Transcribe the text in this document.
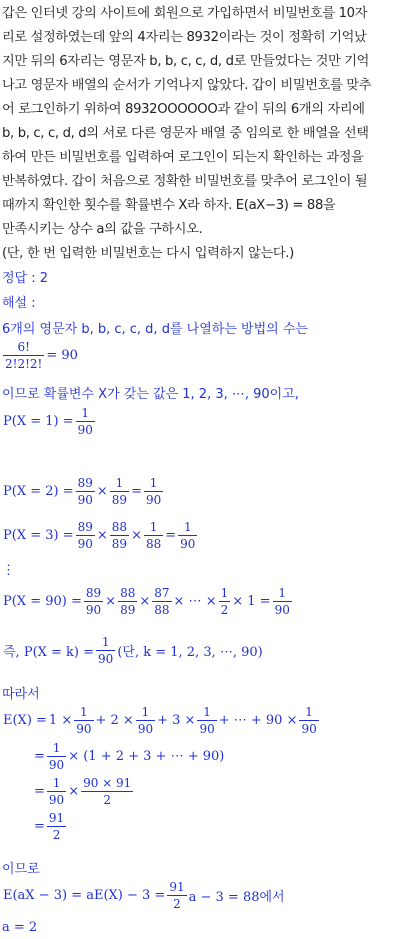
갑은 인터넷 강의 사이트에 회원으로 가입하면서 비밀번호를 10자
리로 설정하였는데 앞의 4자리는 8932이라는 것이 정확히 기억났
지만 뒤의 6자리는 영문자 b, b, c, c, d, d로 만들었다는 것만 기억
나고 영문자 배열의 순서가 기억나지 않았다. 갑이 비밀번호를 맞추
어 로그인하기 위하여 8932OOOOOO과 같이 뒤의 6개의 자리에
b, b, c, c, d, d의 서로 다른 영문자 배열 중 임의로 한 배열을 선택
하여 만든 비밀번호를 입력하여 로그인이 되는지 확인하는 과정을
반복하였다. 갑이 처음으로 정확한 비밀번호를 맞추어 로그인이 될
때까지 확인한 횟수를 확률변수 X라 하자. E(aX−3) = 88을
만족시키는 상수 a의 값을 구하시오.
(단, 한 번 입력한 비밀번호는 다시 입력하지 않는다.)
정답 : 2
해설 :
6개의 영문자 b, b, c, c, d, d를 나열하는 방법의 수는
$\frac{6!}{2!2!2!} = 90$
이므로 확률변수 X가 갖는 값은 1, 2, 3, ⋯, 90이고,
$P(X = 1) = \frac{1}{90}$
$P(X = 2) = \frac{89}{90} \times \frac{1}{89} = \frac{1}{90}$
$P(X = 3) = \frac{89}{90} \times \frac{88}{89} \times \frac{1}{88} = \frac{1}{90}$
⋮
$P(X = 90) = \frac{89}{90} \times \frac{88}{89} \times \frac{87}{88}$ × ⋯ × $\frac{1}{2} \times 1 = \frac{1}{90}$
즉, $P(X = k) = \frac{1}{90}$ (단, k = 1, 2, 3, ⋯, 90)
따라서
$E(X) = 1 \times \frac{1}{90} + 2 \times \frac{1}{90} + 3 \times \frac{1}{90}$ + ⋯ + $90 \times \frac{1}{90}$
= $\frac{1}{90} \times (1 + 2 + 3$ + ⋯ + 90)
= $\frac{1}{90} \times \frac{90 \times 91}{2}$
= $\frac{91}{2}$
이므로
$E(aX - 3) = aE(X) - 3 = \frac{91}{2}$ a − 3 = 88에서
a = 2
